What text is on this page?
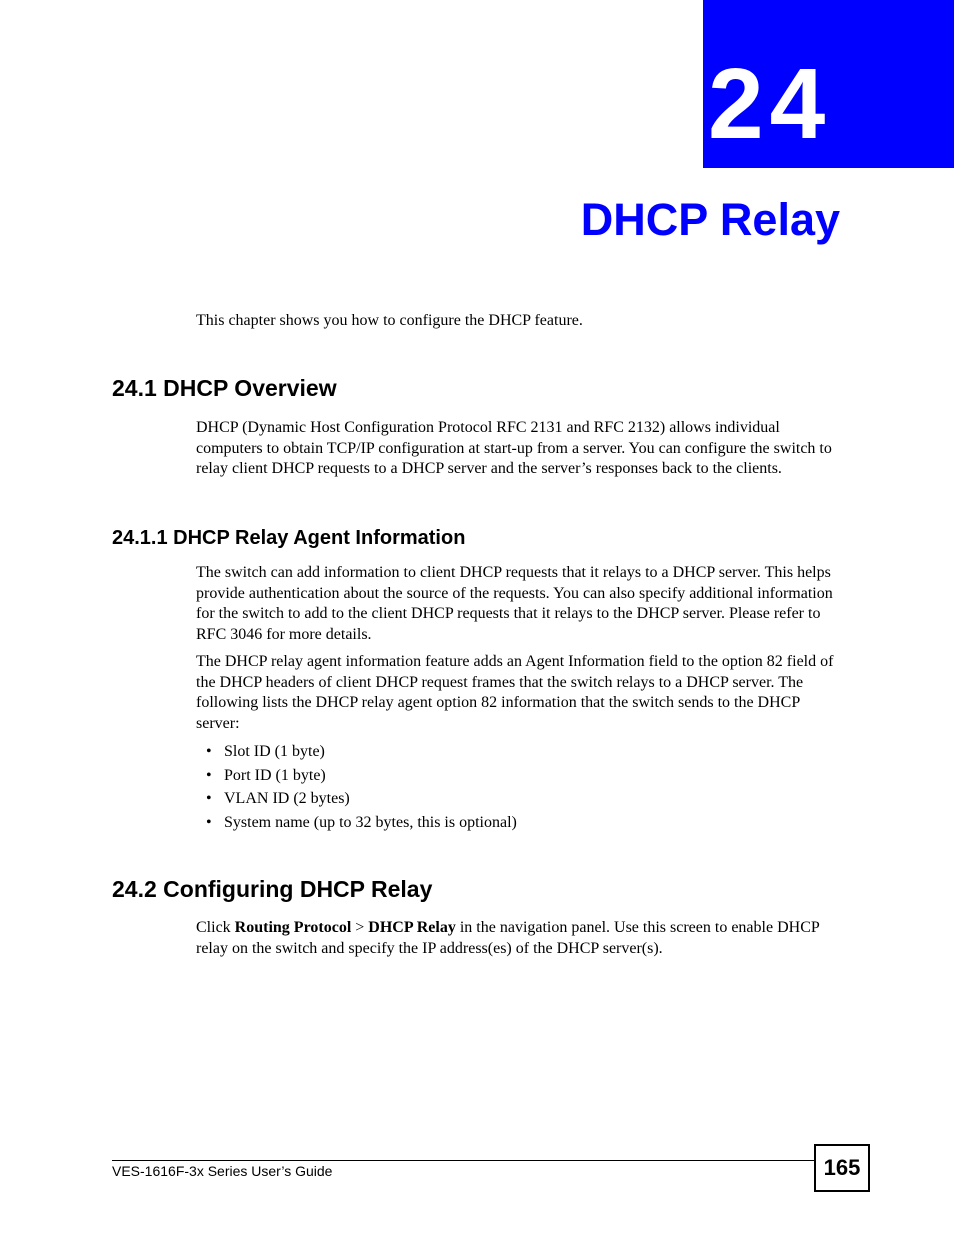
24
DHCP Relay

This chapter shows you how to configure the DHCP feature.

24.1 DHCP Overview

DHCP (Dynamic Host Configuration Protocol RFC 2131 and RFC 2132) allows individual computers to obtain TCP/IP configuration at start-up from a server. You can configure the switch to relay client DHCP requests to a DHCP server and the server’s responses back to the clients.

24.1.1 DHCP Relay Agent Information

The switch can add information to client DHCP requests that it relays to a DHCP server. This helps provide authentication about the source of the requests. You can also specify additional information for the switch to add to the client DHCP requests that it relays to the DHCP server. Please refer to RFC 3046 for more details.

The DHCP relay agent information feature adds an Agent Information field to the option 82 field of the DHCP headers of client DHCP request frames that the switch relays to a DHCP server. The following lists the DHCP relay agent option 82 information that the switch sends to the DHCP server:

• Slot ID (1 byte)
• Port ID (1 byte)
• VLAN ID (2 bytes)
• System name (up to 32 bytes, this is optional)
24.2 Configuring DHCP Relay

Click Routing Protocol > DHCP Relay in the navigation panel. Use this screen to enable DHCP relay on the switch and specify the IP address(es) of the DHCP server(s).

VES-1616F-3x Series User’s Guide	165
